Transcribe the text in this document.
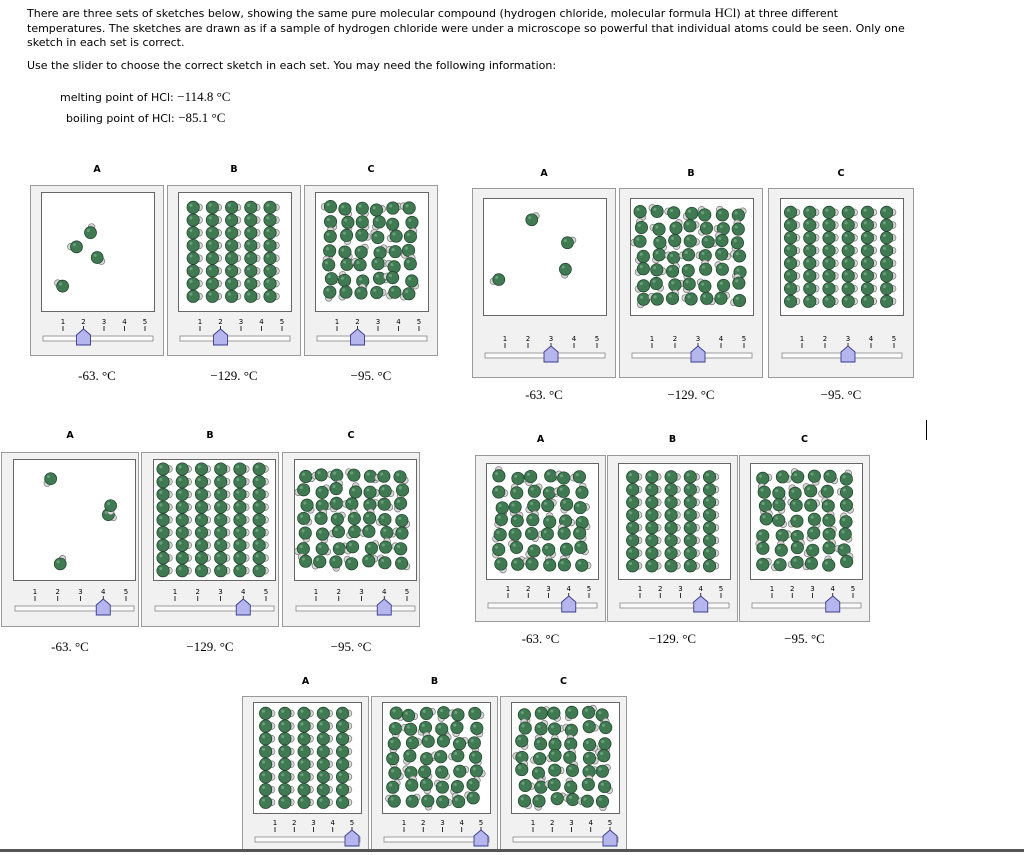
There are three sets of sketches below, showing the same pure molecular compound (hydrogen chloride, molecular formula HCl) at three different temperatures. The sketches are drawn as if a sample of hydrogen chloride were under a microscope so powerful that individual atoms could be seen. Only one sketch in each set is correct.

Use the slider to choose the correct sketch in each set. You may need the following information:

melting point of HCl: −114.8 °C
boiling point of HCl: −85.1 °C
A
1 2 3 4 5
-63. °C
B
1 2 3 4 5
−129. °C
C
1 2 3 4 5
−95. °C
A
1	2	3	4	5
-63. °C
B
1	2	3	4	5
−129. °C
C
1	2	3	4	5
−95. °C
A
1	2	3	4	5
-63. °C
B
1	2	3	4	5
−129. °C
C
1	2	3	4	5
−95. °C
A
1 2 3 4 5
-63. °C
B
1 2 3 4 5
−129. °C
C
1 2 3 4 5
−95. °C
A
1 2 3 4 5
B
1 2 3 4 5
C
1 2 3 4 5
